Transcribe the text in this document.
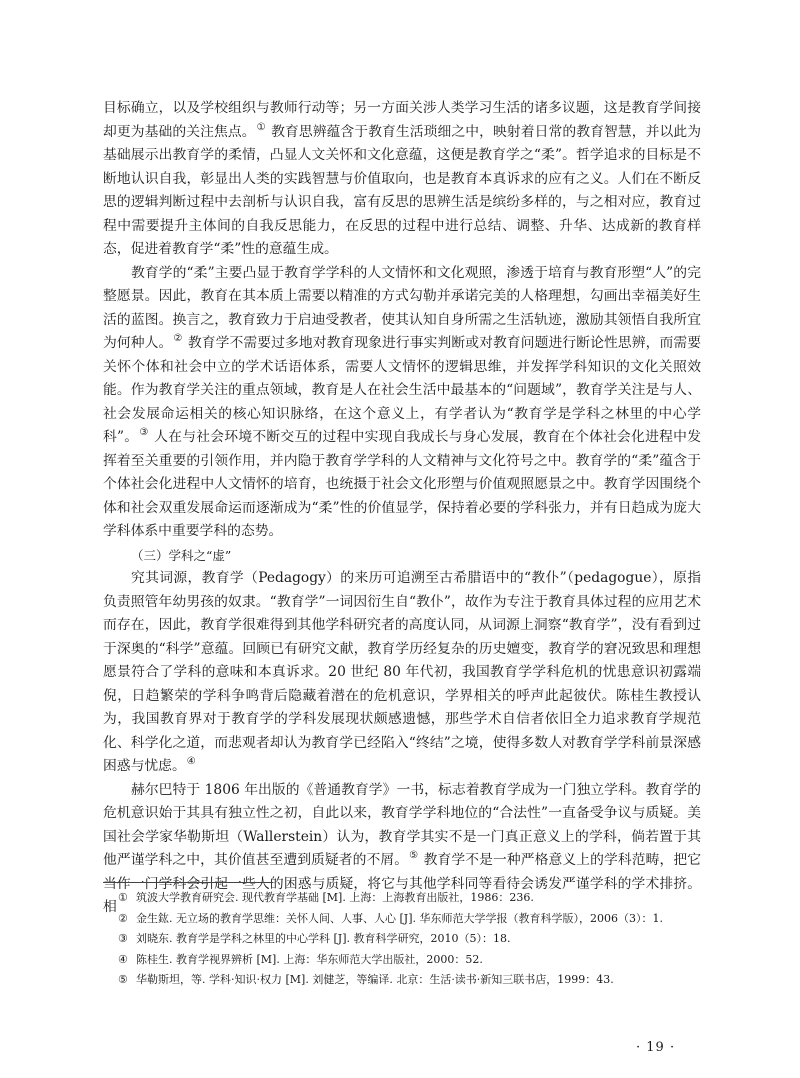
目标确立，以及学校组织与教师行动等；另一方面关涉人类学习生活的诸多议题，这是教育学间接却更为基础的关注焦点。① 教育思辨蕴含于教育生活琐细之中，映射着日常的教育智慧，并以此为基础展示出教育学的柔情，凸显人文关怀和文化意蕴，这便是教育学之“柔”。哲学追求的目标是不断地认识自我，彰显出人类的实践智慧与价值取向，也是教育本真诉求的应有之义。人们在不断反思的逻辑判断过程中去剖析与认识自我，富有反思的思辨生活是缤纷多样的，与之相对应，教育过程中需要提升主体间的自我反思能力，在反思的过程中进行总结、调整、升华、达成新的教育样态，促进着教育学“柔”性的意蕴生成。

教育学的“柔”主要凸显于教育学学科的人文情怀和文化观照，渗透于培育与教育形塑“人”的完整愿景。因此，教育在其本质上需要以精准的方式勾勒并承诺完美的人格理想，勾画出幸福美好生活的蓝图。换言之，教育致力于启迪受教者，使其认知自身所需之生活轨迹，激励其领悟自我所宜为何种人。② 教育学不需要过多地对教育现象进行事实判断或对教育问题进行断论性思辨，而需要关怀个体和社会中立的学术话语体系，需要人文情怀的逻辑思维，并发挥学科知识的文化关照效能。作为教育学关注的重点领域，教育是人在社会生活中最基本的“问题域”，教育学关注是与人、社会发展命运相关的核心知识脉络，在这个意义上，有学者认为“教育学是学科之林里的中心学科”。③ 人在与社会环境不断交互的过程中实现自我成长与身心发展，教育在个体社会化进程中发挥着至关重要的引领作用，并内隐于教育学学科的人文精神与文化符号之中。教育学的“柔”蕴含于个体社会化进程中人文情怀的培育，也统摄于社会文化形塑与价值观照愿景之中。教育学因围绕个体和社会双重发展命运而逐渐成为“柔”性的价值显学，保持着必要的学科张力，并有日趋成为庞大学科体系中重要学科的态势。

（三）学科之“虚”

究其词源，教育学（Pedagogy）的来历可追溯至古希腊语中的“教仆”（pedagogue），原指负责照管年幼男孩的奴隶。“教育学”一词因衍生自“教仆”，故作为专注于教育具体过程的应用艺术而存在，因此，教育学很难得到其他学科研究者的高度认同，从词源上洞察“教育学”，没有看到过于深奥的“科学”意蕴。回顾已有研究文献，教育学历经复杂的历史嬗变，教育学的窘况致思和理想愿景符合了学科的意味和本真诉求。20 世纪 80 年代初，我国教育学学科危机的忧患意识初露端倪，日趋繁荣的学科争鸣背后隐藏着潜在的危机意识，学界相关的呼声此起彼伏。陈桂生教授认为，我国教育界对于教育学的学科发展现状颇感遗憾，那些学术自信者依旧全力追求教育学规范化、科学化之道，而悲观者却认为教育学已经陷入“终结”之境，使得多数人对教育学学科前景深感困惑与忧虑。④

赫尔巴特于 1806 年出版的《普通教育学》一书，标志着教育学成为一门独立学科。教育学的危机意识始于其具有独立性之初，自此以来，教育学学科地位的“合法性”一直备受争议与质疑。美国社会学家华勒斯坦（Wallerstein）认为，教育学其实不是一门真正意义上的学科，倘若置于其他严谨学科之中，其价值甚至遭到质疑者的不屑。⑤ 教育学不是一种严格意义上的学科范畴，把它当作一门学科会引起一些人的困惑与质疑，将它与其他学科同等看待会诱发严谨学科的学术排挤。相

① 筑波大学教育研究会. 现代教育学基础 [M]. 上海：上海教育出版社，1986：236.

② 金生鈜. 无立场的教育学思维：关怀人间、人事、人心 [J]. 华东师范大学学报（教育科学版），2006（3）：1.

③ 刘晓东. 教育学是学科之林里的中心学科 [J]. 教育科学研究，2010（5）：18.

④ 陈桂生. 教育学视界辨析 [M]. 上海：华东师范大学出版社，2000：52.

⑤ 华勒斯坦，等. 学科·知识·权力 [M]. 刘健芝，等编译. 北京：生活·读书·新知三联书店，1999：43.

· 19 ·
